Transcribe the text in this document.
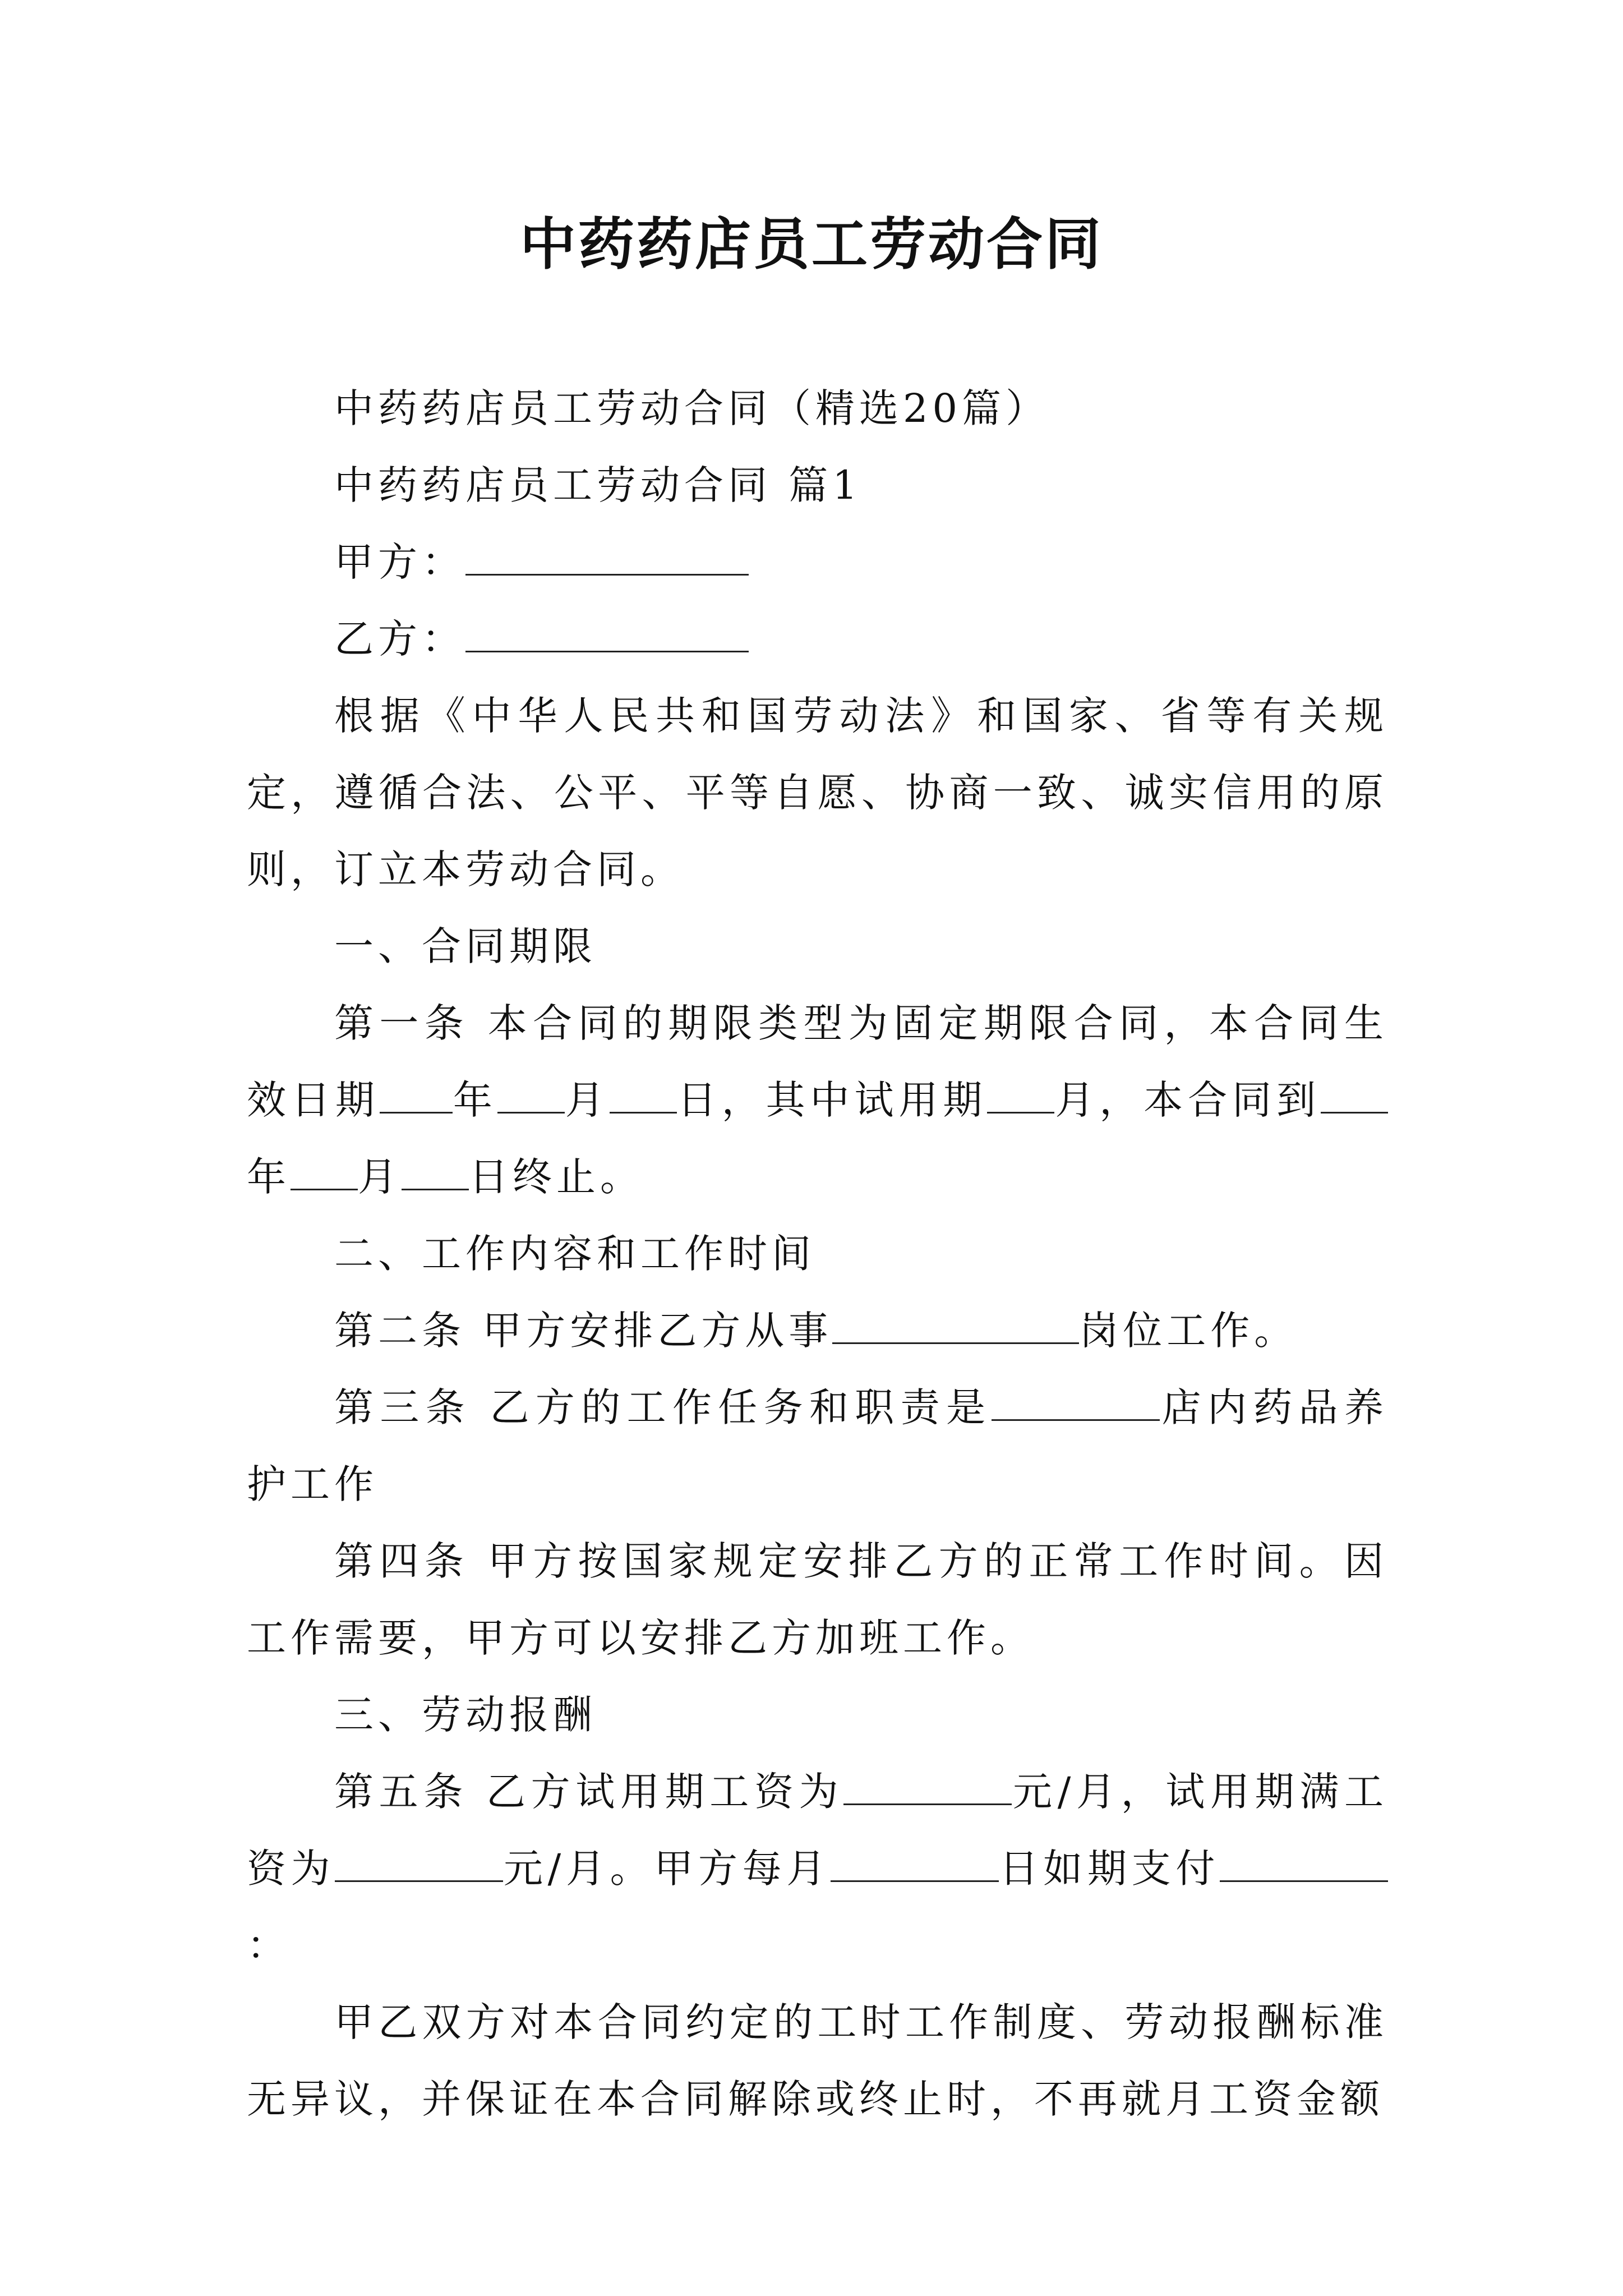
中药药店员工劳动合同

中药药店员工劳动合同（精选20篇）

中药药店员工劳动合同 篇1

甲方：

乙方：

根据《中华人民共和国劳动法》和国家、省等有关规定，遵循合法、公平、平等自愿、协商一致、诚实信用的原则，订立本劳动合同。

一、合同期限

第一条 本合同的期限类型为固定期限合同，本合同生效日期 年 月 日，其中试用期 月，本合同到年 月 日终止。

二、工作内容和工作时间

第二条 甲方安排乙方从事	岗位工作。

第三条 乙方的工作任务和职责是	店内药品养护工作

第四条 甲方按国家规定安排乙方的正常工作时间。因工作需要，甲方可以安排乙方加班工作。

三、劳动报酬

第五条 乙方试用期工资为	元/月，试用期满工资为	元/月。甲方每月	日如期支付：

甲乙双方对本合同约定的工时工作制度、劳动报酬标准无异议，并保证在本合同解除或终止时，不再就月工资金额
